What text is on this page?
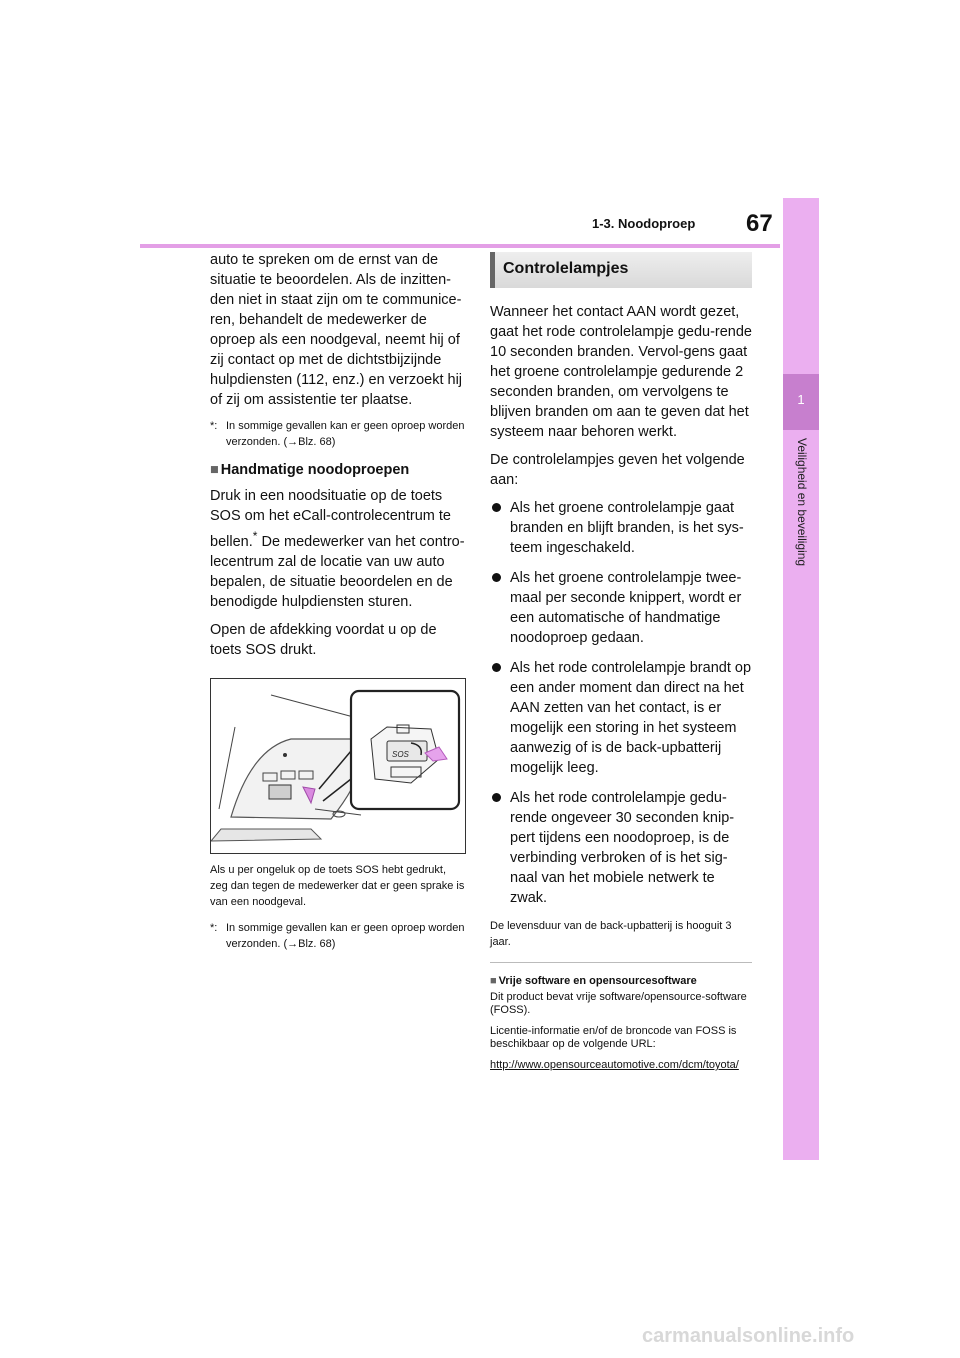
1-3. Noodoproep 67
1
Veiligheid en beveiliging

auto te spreken om de ernst van de situatie te beoordelen. Als de inzitten-den niet in staat zijn om te communice-ren, behandelt de medewerker de oproep als een noodgeval, neemt hij of zij contact op met de dichtstbijzijnde hulpdiensten (112, enz.) en verzoekt hij of zij om assistentie ter plaatse.

*: In sommige gevallen kan er geen oproep worden verzonden. (→Blz. 68)
■ Handmatige noodoproepen

Druk in een noodsituatie op de toets SOS om het eCall-controlecentrum te bellen.* De medewerker van het contro-lecentrum zal de locatie van uw auto bepalen, de situatie beoordelen en de benodigde hulpdiensten sturen.

Open de afdekking voordat u op de toets SOS drukt.

SOS

Als u per ongeluk op de toets SOS hebt gedrukt, zeg dan tegen de medewerker dat er geen sprake is van een noodgeval.

*: In sommige gevallen kan er geen oproep worden verzonden. (→Blz. 68)
Controlelampjes

Wanneer het contact AAN wordt gezet, gaat het rode controlelampje gedu-rende 10 seconden branden. Vervol-gens gaat het groene controlelampje gedurende 2 seconden branden, om vervolgens te blijven branden om aan te geven dat het systeem naar behoren werkt.

De controlelampjes geven het volgende aan:

Als het groene controlelampje gaat branden en blijft branden, is het sys-teem ingeschakeld.
Als het groene controlelampje twee-maal per seconde knippert, wordt er een automatische of handmatige noodoproep gedaan.
Als het rode controlelampje brandt op een ander moment dan direct na het AAN zetten van het contact, is er mogelijk een storing in het systeem aanwezig of is de back-upbatterij mogelijk leeg.
Als het rode controlelampje gedu-rende ongeveer 30 seconden knip-pert tijdens een noodoproep, is de verbinding verbroken of is het sig-naal van het mobiele netwerk te zwak.

De levensduur van de back-upbatterij is hooguit 3 jaar.

■ Vrije software en opensourcesoftware

Dit product bevat vrije software/opensource-software (FOSS).

Licentie-informatie en/of de broncode van FOSS is beschikbaar op de volgende URL:

http://www.opensourceautomotive.com/dcm/toyota/

carmanualsonline.info
